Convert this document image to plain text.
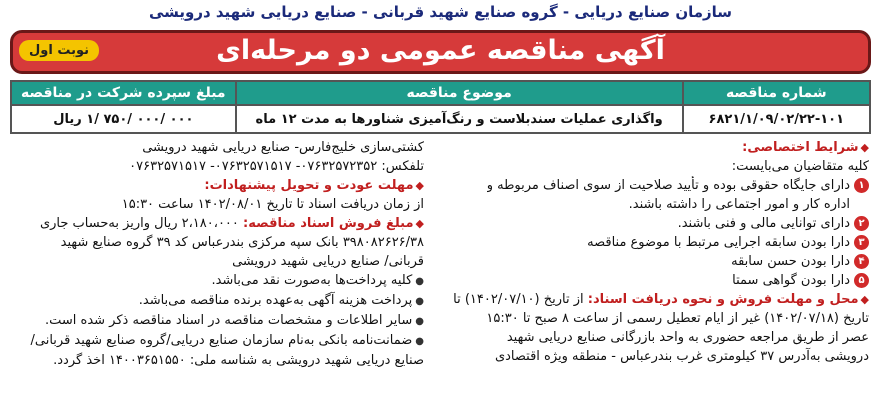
سازمان صنایع دریایی - گروه صنایع شهید قربانی - صنایع دریایی شهید درویشی
آگهی مناقصه عمومی دو مرحله‌ای
نوبت اول
شماره مناقصه	موضوع مناقصه	مبلغ سپرده شرکت در مناقصه
۶۸۲۱/۱/۰۹/۰۲/۲۲-۱۰۱	واگذاری عملیات سندبلاست و رنگ‌آمیزی شناورها به مدت ۱۲ ماه	۰۰۰ /۰۰۰ /۷۵۰ /۱ ریال
◆شرایط اختصاصی:
کلیه متقاضیان می‌بایست:
۱
دارای جایگاه حقوقی بوده و تأیید صلاحیت از سوی اصناف مربوطه و
اداره کار و امور اجتماعی را داشته باشند.
۲
دارای توانایی مالی و فنی باشند.
۳
دارا بودن سابقه اجرایی مرتبط با موضوع مناقصه
۴
دارا بودن حسن سابقه
۵
دارا بودن گواهی سمتا
◆محل و مهلت فروش و نحوه دریافت اسناد: از تاریخ (۱۴۰۲/۰۷/۱۰) تا
تاریخ (۱۴۰۲/۰۷/۱۸) غیر از ایام تعطیل رسمی از ساعت ۸ صبح تا ۱۵:۳۰
عصر از طریق مراجعه حضوری به واحد بازرگانی صنایع دریایی شهید
درویشی به‌آدرس ۳۷ کیلومتری غرب بندرعباس - منطقه ویژه اقتصادی
کشتی‌سازی خلیج‌فارس- صنایع دریایی شهید درویشی
تلفکس: ۰۷۶۳۲۵۷۲۳۵۲- ۰۷۶۳۲۵۷۱۵۱۷- ۰۷۶۳۲۵۷۱۵۱۷
◆مهلت عودت و تحویل پیشنهادات:
از زمان دریافت اسناد تا تاریخ ۱۴۰۲/۰۸/۰۱ ساعت ۱۵:۳۰
◆مبلغ فروش اسناد مناقصه: ۲،۱۸۰،۰۰۰ ریال واریز به‌حساب جاری
۳۹۸۰۸۲۶۲۶/۳۸ بانک سپه مرکزی بندرعباس کد ۳۹ گروه صنایع شهید
قربانی/ صنایع دریایی شهید درویشی
●کلیه پرداخت‌ها به‌صورت نقد می‌باشد.
●پرداخت هزینه آگهی به‌عهده برنده مناقصه می‌باشد.
●سایر اطلاعات و مشخصات مناقصه در اسناد مناقصه ذکر شده است.
●ضمانت‌نامه بانکی به‌نام سازمان صنایع دریایی/گروه صنایع شهید قربانی/
صنایع دریایی شهید درویشی به شناسه ملی: ۱۴۰۰۳۶۵۱۵۵۰ اخذ گردد.
